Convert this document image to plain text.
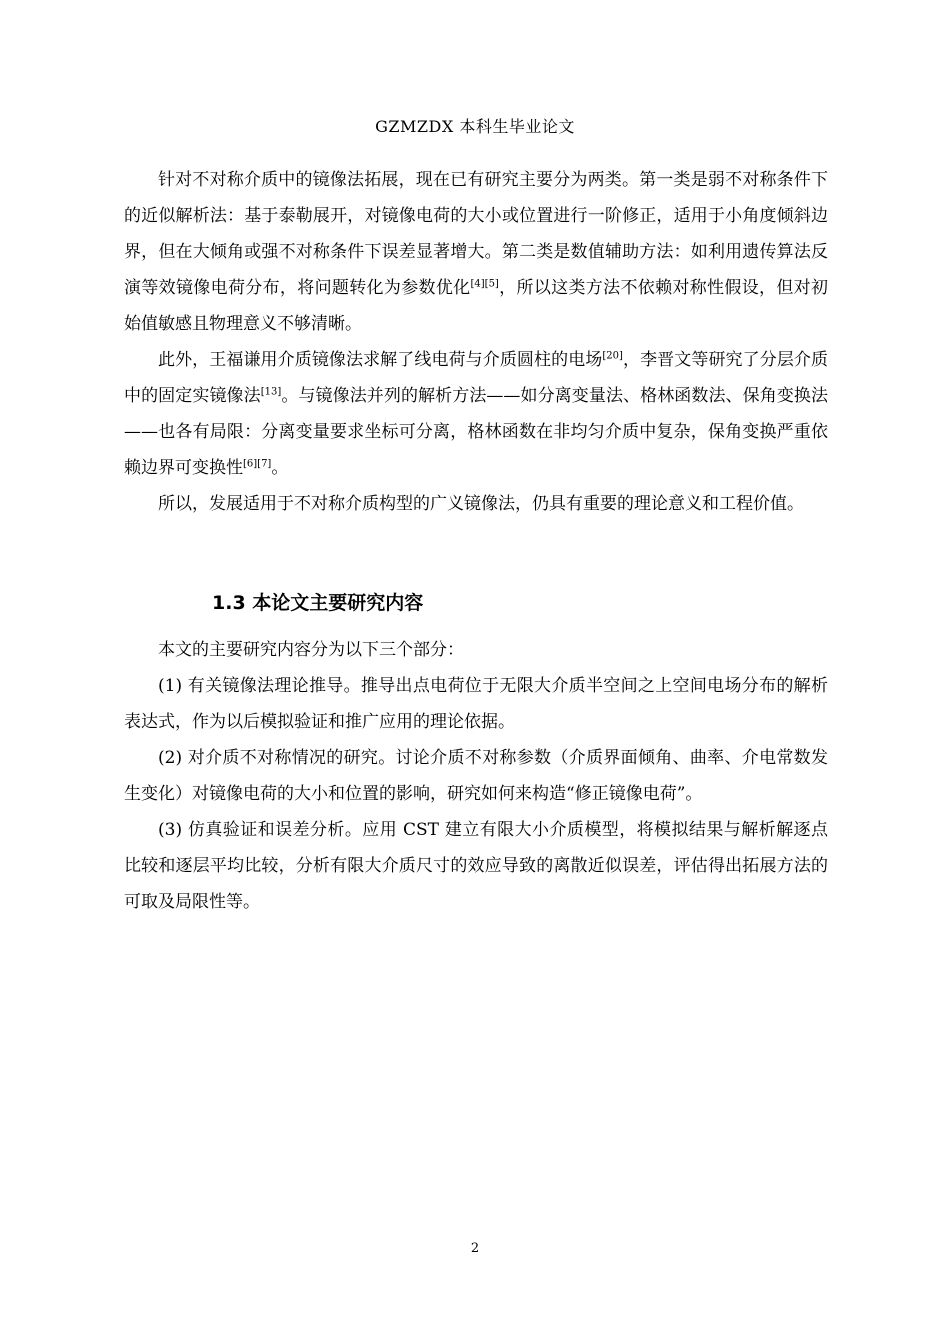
GZMZDX 本科生毕业论文

针对不对称介质中的镜像法拓展，现在已有研究主要分为两类。第一类是弱不对称条件下的近似解析法：基于泰勒展开，对镜像电荷的大小或位置进行一阶修正，适用于小角度倾斜边界，但在大倾角或强不对称条件下误差显著增大。第二类是数值辅助方法：如利用遗传算法反演等效镜像电荷分布，将问题转化为参数优化[4][5]，所以这类方法不依赖对称性假设，但对初始值敏感且物理意义不够清晰。

此外，王福谦用介质镜像法求解了线电荷与介质圆柱的电场[20]，李晋文等研究了分层介质中的固定实镜像法[13]。与镜像法并列的解析方法——如分离变量法、格林函数法、保角变换法——也各有局限：分离变量要求坐标可分离，格林函数在非均匀介质中复杂，保角变换严重依赖边界可变换性[6][7]。

所以，发展适用于不对称介质构型的广义镜像法，仍具有重要的理论意义和工程价值。

1.3 本论文主要研究内容

本文的主要研究内容分为以下三个部分：

(1) 有关镜像法理论推导。推导出点电荷位于无限大介质半空间之上空间电场分布的解析表达式，作为以后模拟验证和推广应用的理论依据。

(2) 对介质不对称情况的研究。讨论介质不对称参数（介质界面倾角、曲率、介电常数发生变化）对镜像电荷的大小和位置的影响，研究如何来构造“修正镜像电荷”。

(3) 仿真验证和误差分析。应用 CST 建立有限大小介质模型，将模拟结果与解析解逐点比较和逐层平均比较，分析有限大介质尺寸的效应导致的离散近似误差，评估得出拓展方法的可取及局限性等。

2
